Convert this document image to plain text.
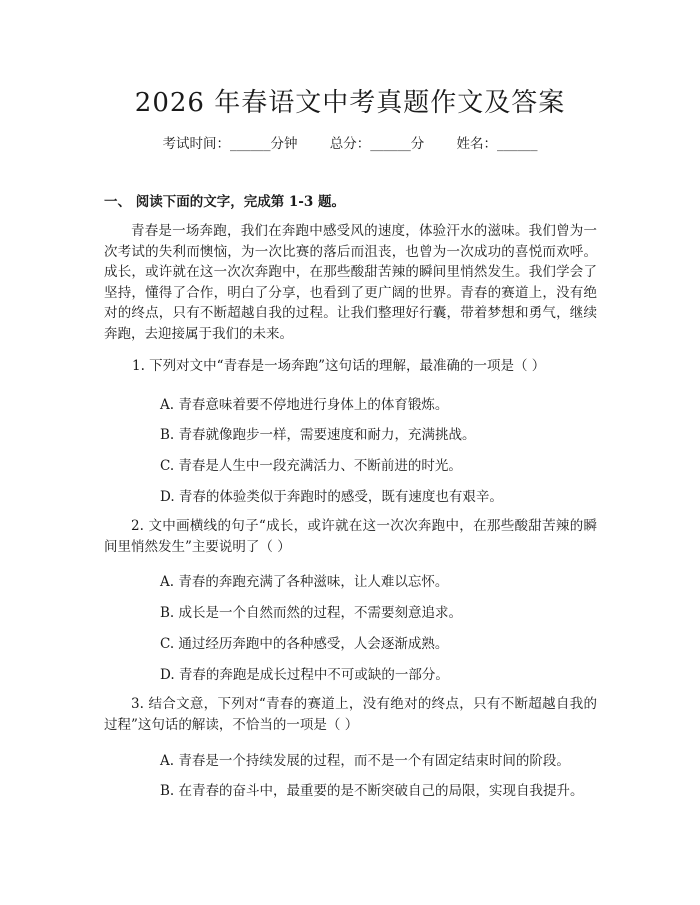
2026 年春语文中考真题作文及答案
考试时间：______分钟 总分：______分 姓名：______
一、 阅读下面的文字，完成第 1-3 题。

青春是一场奔跑，我们在奔跑中感受风的速度，体验汗水的滋味。我们曾为一次考试的失利而懊恼，为一次比赛的落后而沮丧，也曾为一次成功的喜悦而欢呼。成长，或许就在这一次次奔跑中，在那些酸甜苦辣的瞬间里悄然发生。我们学会了坚持，懂得了合作，明白了分享，也看到了更广阔的世界。青春的赛道上，没有绝对的终点，只有不断超越自我的过程。让我们整理好行囊，带着梦想和勇气，继续奔跑，去迎接属于我们的未来。

1. 下列对文中“青春是一场奔跑”这句话的理解，最准确的一项是（ ）

A. 青春意味着要不停地进行身体上的体育锻炼。

B. 青春就像跑步一样，需要速度和耐力，充满挑战。

C. 青春是人生中一段充满活力、不断前进的时光。

D. 青春的体验类似于奔跑时的感受，既有速度也有艰辛。

2. 文中画横线的句子“成长，或许就在这一次次奔跑中，在那些酸甜苦辣的瞬间里悄然发生”主要说明了（ ）

A. 青春的奔跑充满了各种滋味，让人难以忘怀。

B. 成长是一个自然而然的过程，不需要刻意追求。

C. 通过经历奔跑中的各种感受，人会逐渐成熟。

D. 青春的奔跑是成长过程中不可或缺的一部分。

3. 结合文意，下列对“青春的赛道上，没有绝对的终点，只有不断超越自我的过程”这句话的解读，不恰当的一项是（ ）

A. 青春是一个持续发展的过程，而不是一个有固定结束时间的阶段。

B. 在青春的奋斗中，最重要的是不断突破自己的局限，实现自我提升。
